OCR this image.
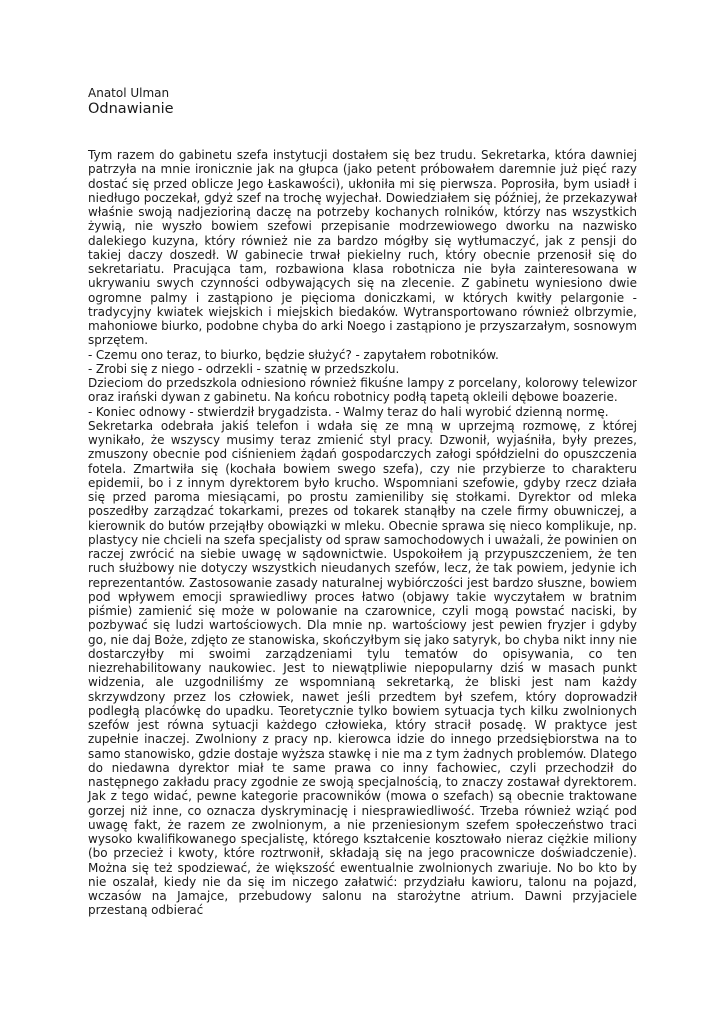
Anatol Ulman
Odnawianie

Tym razem do gabinetu szefa instytucji dostałem się bez trudu. Sekretarka, która dawniej patrzyła na mnie ironicznie jak na głupca (jako petent próbowałem daremnie już pięć razy dostać się przed oblicze Jego Łaskawości), ukłoniła mi się pierwsza. Poprosiła, bym usiadł i niedługo poczekał, gdyż szef na trochę wyjechał. Dowiedziałem się później, że przekazywał właśnie swoją nadjezioriną daczę na potrzeby kochanych rolników, którzy nas wszystkich żywią, nie wyszło bowiem szefowi przepisanie modrzewiowego dworku na nazwisko dalekiego kuzyna, który również nie za bardzo mógłby się wytłumaczyć, jak z pensji do takiej daczy doszedł. W gabinecie trwał piekielny ruch, który obecnie przenosił się do sekretariatu. Pracująca tam, rozbawiona klasa robotnicza nie była zainteresowana w ukrywaniu swych czynności odbywających się na zlecenie. Z gabinetu wyniesiono dwie ogromne palmy i zastąpiono je pięcioma doniczkami, w których kwitły pelargonie - tradycyjny kwiatek wiejskich i miejskich biedaków. Wytransportowano również olbrzymie, mahoniowe biurko, podobne chyba do arki Noego i zastąpiono je przyszarzałym, sosnowym sprzętem.

- Czemu ono teraz, to biurko, będzie służyć? - zapytałem robotników.

- Zrobi się z niego - odrzekli - szatnię w przedszkolu.

Dzieciom do przedszkola odniesiono również fikuśne lampy z porcelany, kolorowy telewizor oraz irański dywan z gabinetu. Na końcu robotnicy podłą tapetą okleili dębowe boazerie.

- Koniec odnowy - stwierdził brygadzista. - Walmy teraz do hali wyrobić dzienną normę.

Sekretarka odebrała jakiś telefon i wdała się ze mną w uprzejmą rozmowę, z której wynikało, że wszyscy musimy teraz zmienić styl pracy. Dzwonił, wyjaśniła, były prezes, zmuszony obecnie pod ciśnieniem żądań gospodarczych załogi spółdzielni do opuszczenia fotela. Zmartwiła się (kochała bowiem swego szefa), czy nie przybierze to charakteru epidemii, bo i z innym dyrektorem było krucho. Wspomniani szefowie, gdyby rzecz działa się przed paroma miesiącami, po prostu zamieniliby się stołkami. Dyrektor od mleka poszedłby zarządzać tokarkami, prezes od tokarek stanąłby na czele firmy obuwniczej, a kierownik do butów przejąłby obowiązki w mleku. Obecnie sprawa się nieco komplikuje, np. plastycy nie chcieli na szefa specjalisty od spraw samochodowych i uważali, że powinien on raczej zwrócić na siebie uwagę w sądownictwie. Uspokoiłem ją przypuszczeniem, że ten ruch służbowy nie dotyczy wszystkich nieudanych szefów, lecz, że tak powiem, jedynie ich reprezentantów. Zastosowanie zasady naturalnej wybiórczości jest bardzo słuszne, bowiem pod wpływem emocji sprawiedliwy proces łatwo (objawy takie wyczytałem w bratnim piśmie) zamienić się może w polowanie na czarownice, czyli mogą powstać naciski, by pozbywać się ludzi wartościowych. Dla mnie np. wartościowy jest pewien fryzjer i gdyby go, nie daj Boże, zdjęto ze stanowiska, skończyłbym się jako satyryk, bo chyba nikt inny nie dostarczyłby mi swoimi zarządzeniami tylu tematów do opisywania, co ten niezrehabilitowany naukowiec. Jest to niewątpliwie niepopularny dziś w masach punkt widzenia, ale uzgodniliśmy ze wspomnianą sekretarką, że bliski jest nam każdy skrzywdzony przez los człowiek, nawet jeśli przedtem był szefem, który doprowadził podległą placówkę do upadku. Teoretycznie tylko bowiem sytuacja tych kilku zwolnionych szefów jest równa sytuacji każdego człowieka, który stracił posadę. W praktyce jest zupełnie inaczej. Zwolniony z pracy np. kierowca idzie do innego przedsiębiorstwa na to samo stanowisko, gdzie dostaje wyższa stawkę i nie ma z tym żadnych problemów. Dlatego do niedawna dyrektor miał te same prawa co inny fachowiec, czyli przechodził do następnego zakładu pracy zgodnie ze swoją specjalnością, to znaczy zostawał dyrektorem. Jak z tego widać, pewne kategorie pracowników (mowa o szefach) są obecnie traktowane gorzej niż inne, co oznacza dyskryminację i niesprawiedliwość. Trzeba również wziąć pod uwagę fakt, że razem ze zwolnionym, a nie przeniesionym szefem społeczeństwo traci wysoko kwalifikowanego specjalistę, którego kształcenie kosztowało nieraz ciężkie miliony (bo przecież i kwoty, które roztrwonił, składają się na jego pracownicze doświadczenie). Można się też spodziewać, że większość ewentualnie zwolnionych zwariuje. No bo kto by nie oszalał, kiedy nie da się im niczego załatwić: przydziału kawioru, talonu na pojazd, wczasów na Jamajce, przebudowy salonu na starożytne atrium. Dawni przyjaciele przestaną odbierać
